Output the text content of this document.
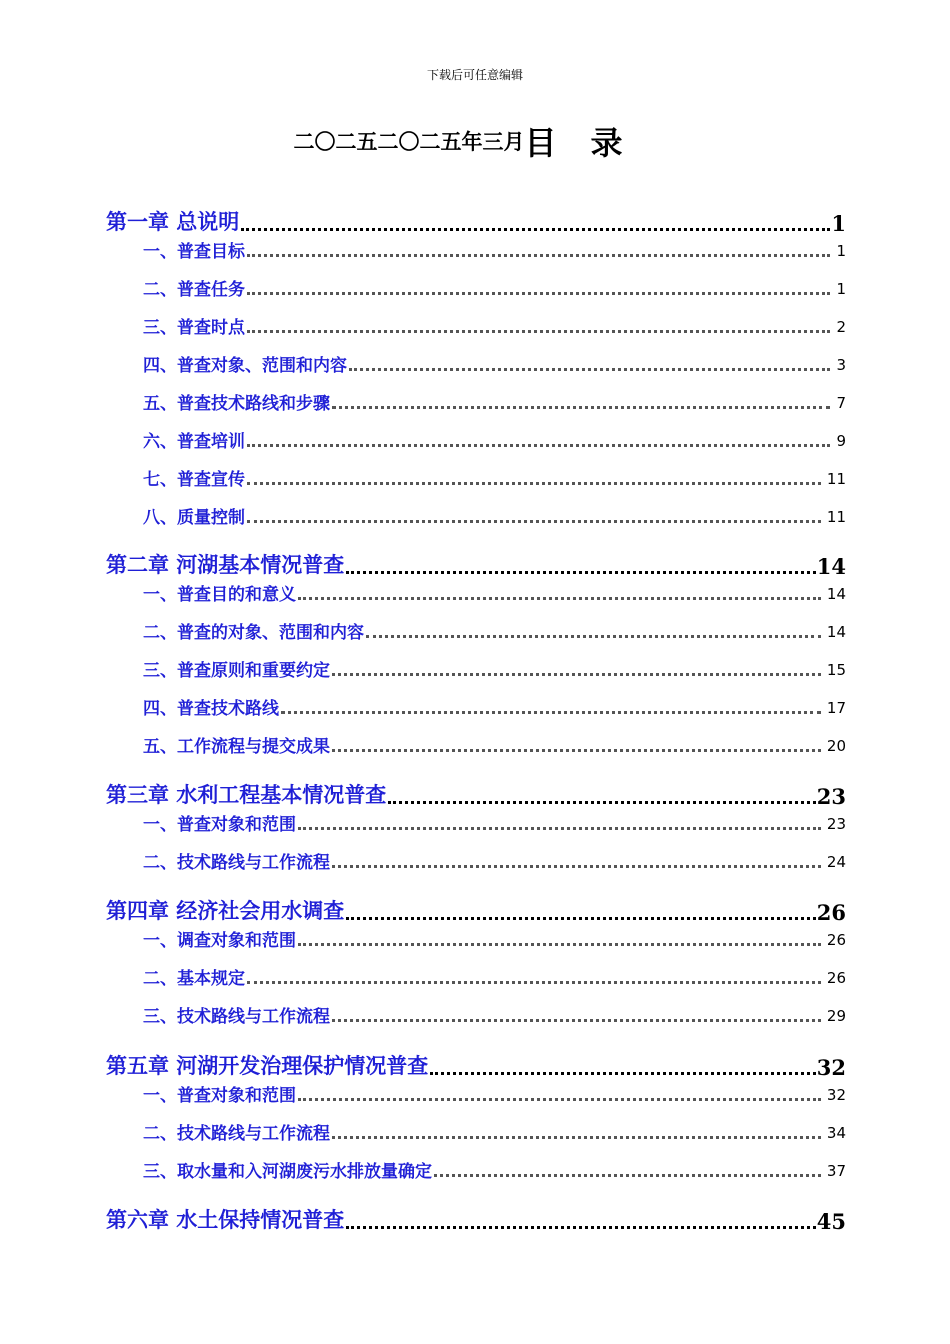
下载后可任意编辑
二〇二五二〇二五年三月目录
第一章 总说明	1
一、普查目标	1
二、普查任务	1
三、普查时点	2
四、普查对象、范围和内容	3
五、普查技术路线和步骤	7
六、普查培训	9
七、普查宣传	11
八、质量控制	11
第二章 河湖基本情况普查	14
一、普查目的和意义	14
二、普查的对象、范围和内容	14
三、普查原则和重要约定	15
四、普查技术路线	17
五、工作流程与提交成果	20
第三章 水利工程基本情况普查	23
一、普查对象和范围	23
二、技术路线与工作流程	24
第四章 经济社会用水调查	26
一、调查对象和范围	26
二、基本规定	26
三、技术路线与工作流程	29
第五章 河湖开发治理保护情况普查	32
一、普查对象和范围	32
二、技术路线与工作流程	34
三、取水量和入河湖废污水排放量确定	37
第六章 水土保持情况普查	45
